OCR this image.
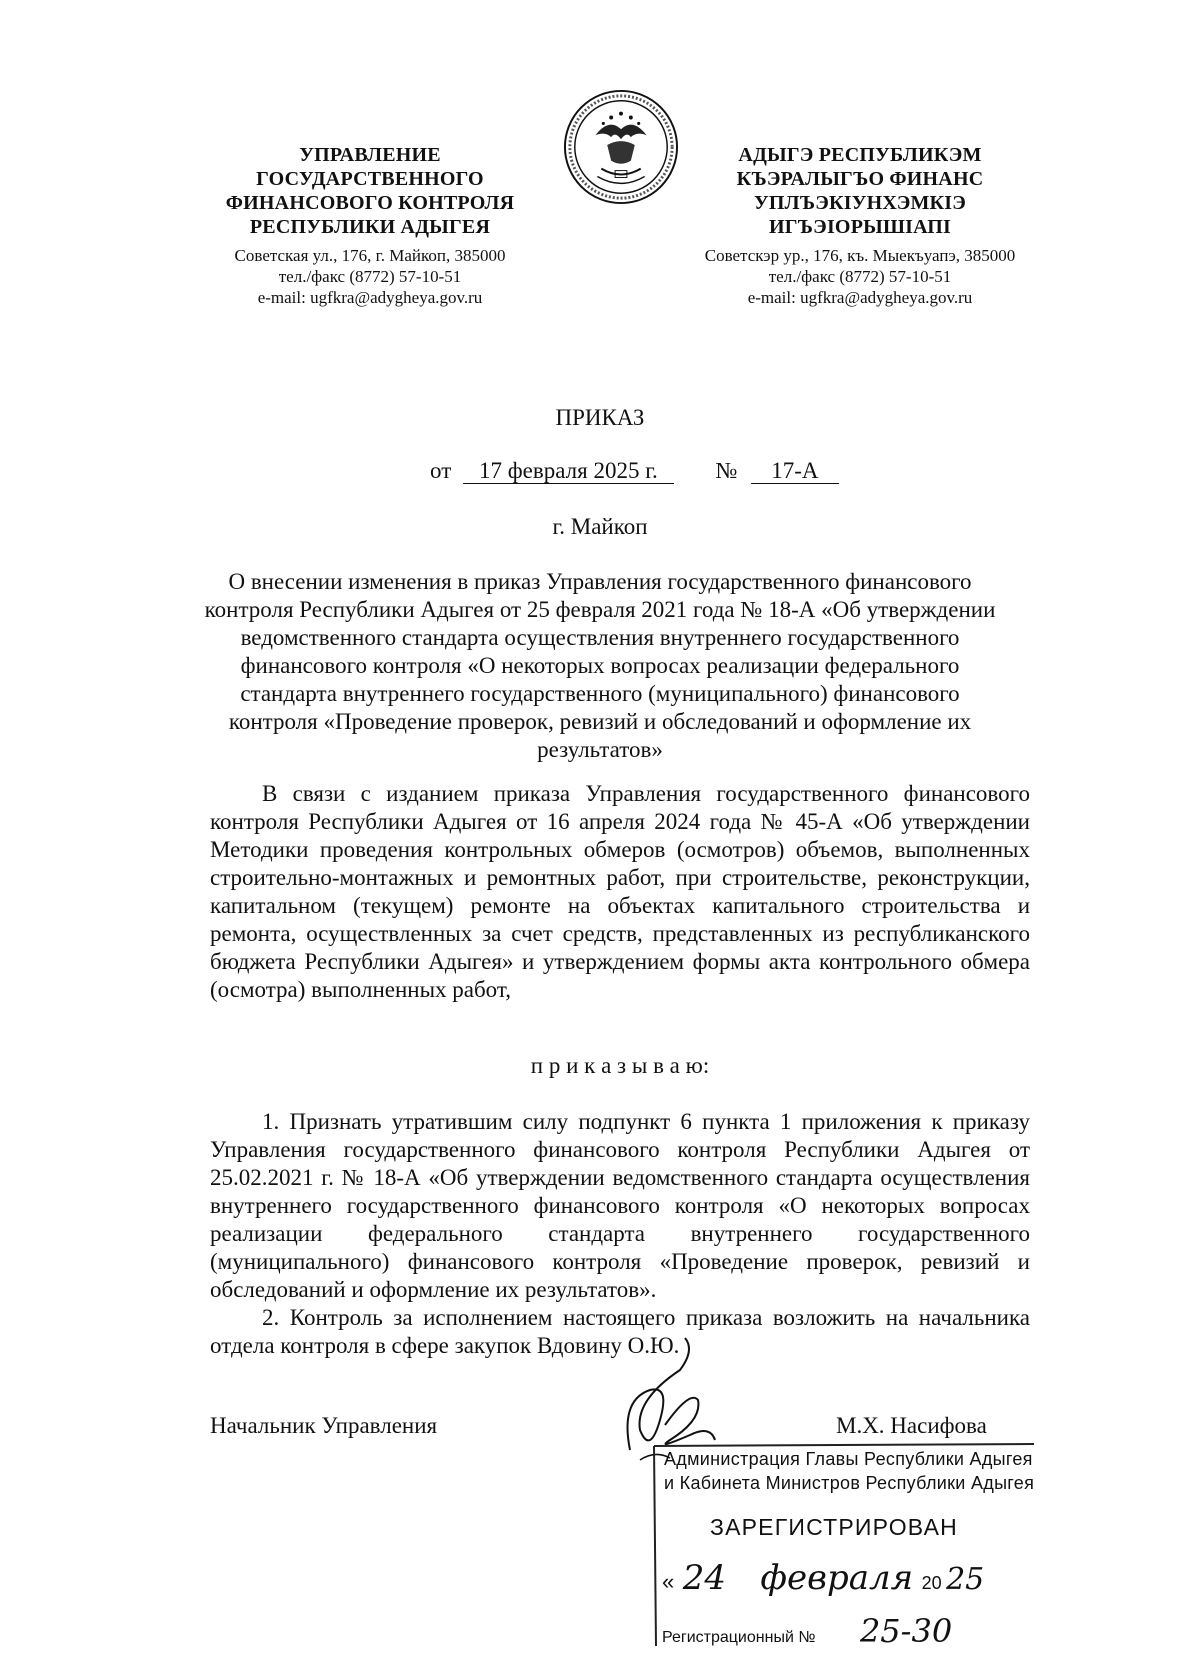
УПРАВЛЕНИЕ
ГОСУДАРСТВЕННОГО
ФИНАНСОВОГО КОНТРОЛЯ
РЕСПУБЛИКИ АДЫГЕЯ
Советская ул., 176, г. Майкоп, 385000
тел./факс (8772) 57-10-51
e-mail: ugfkra@adygheya.gov.ru
АДЫГЭ РЕСПУБЛИКЭМ
КЪЭРАЛЫГЪО ФИНАНС
УПЛЪЭКІУНХЭМКІЭ
ИГЪЭІОРЫШІАПІ
Советскэр ур., 176, къ. Мыекъуапэ, 385000
тел./факс (8772) 57-10-51
e-mail: ugfkra@adygheya.gov.ru
ПРИКАЗ
от 17 февраля 2025 г.	№ 17-А
г. Майкоп
О внесении изменения в приказ Управления государственного финансового
контроля Республики Адыгея от 25 февраля 2021 года № 18-А «Об утверждении
ведомственного стандарта осуществления внутреннего государственного
финансового контроля «О некоторых вопросах реализации федерального
стандарта внутреннего государственного (муниципального) финансового
контроля «Проведение проверок, ревизий и обследований и оформление их
результатов»
В связи с изданием приказа Управления государственного финансового контроля Республики Адыгея от 16 апреля 2024 года № 45-А «Об утверждении Методики проведения контрольных обмеров (осмотров) объемов, выполненных строительно-монтажных и ремонтных работ, при строительстве, реконструкции, капитальном (текущем) ремонте на объектах капитального строительства и ремонта, осуществленных за счет средств, представленных из республиканского бюджета Республики Адыгея» и утверждением формы акта контрольного обмера (осмотра) выполненных работ,
п р и к а з ы в а ю:
1. Признать утратившим силу подпункт 6 пункта 1 приложения к приказу Управления государственного финансового контроля Республики Адыгея от 25.02.2021 г. № 18-А «Об утверждении ведомственного стандарта осуществления внутреннего государственного финансового контроля «О некоторых вопросах реализации федерального стандарта внутреннего государственного (муниципального) финансового контроля «Проведение проверок, ревизий и обследований и оформление их результатов».
2. Контроль за исполнением настоящего приказа возложить на начальника отдела контроля в сфере закупок Вдовину О.Ю.
Начальник Управления	М.Х. Насифова
Администрация Главы Республики Адыгея
и Кабинета Министров Республики Адыгея
ЗАРЕГИСТРИРОВАН
« 24 февраля 20 25
Регистрационный № 25-30
